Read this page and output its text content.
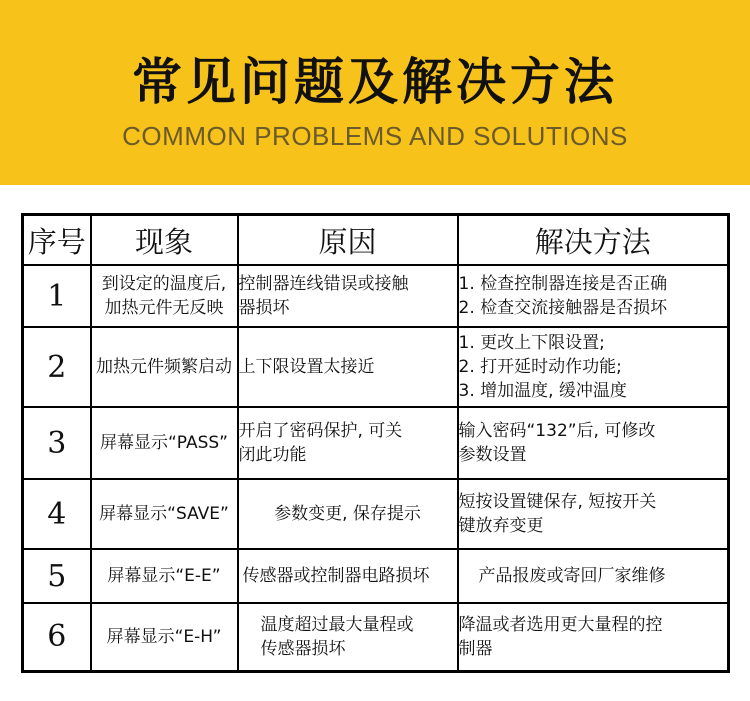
常见问题及解决方法
COMMON PROBLEMS AND SOLUTIONS
序号	现象	原因	解决方法
1	到设定的温度后,
加热元件无反映	控制器连线错误或接触
器损坏	1. 检查控制器连接是否正确
2. 检查交流接触器是否损坏

2	加热元件频繁启动	上下限设置太接近	1. 更改上下限设置;
2. 打开延时动作功能;
3. 增加温度, 缓冲温度

3	屏幕显示“PASS”	开启了密码保护, 可关
闭此功能	输入密码“132”后, 可修改
参数设置

4	屏幕显示“SAVE”	参数变更, 保存提示	短按设置键保存, 短按开关
键放弃变更

5	屏幕显示“E-E”	传感器或控制器电路损坏	产品报废或寄回厂家维修

6	屏幕显示“E-H”	温度超过最大量程或
传感器损坏	降温或者选用更大量程的控
制器
